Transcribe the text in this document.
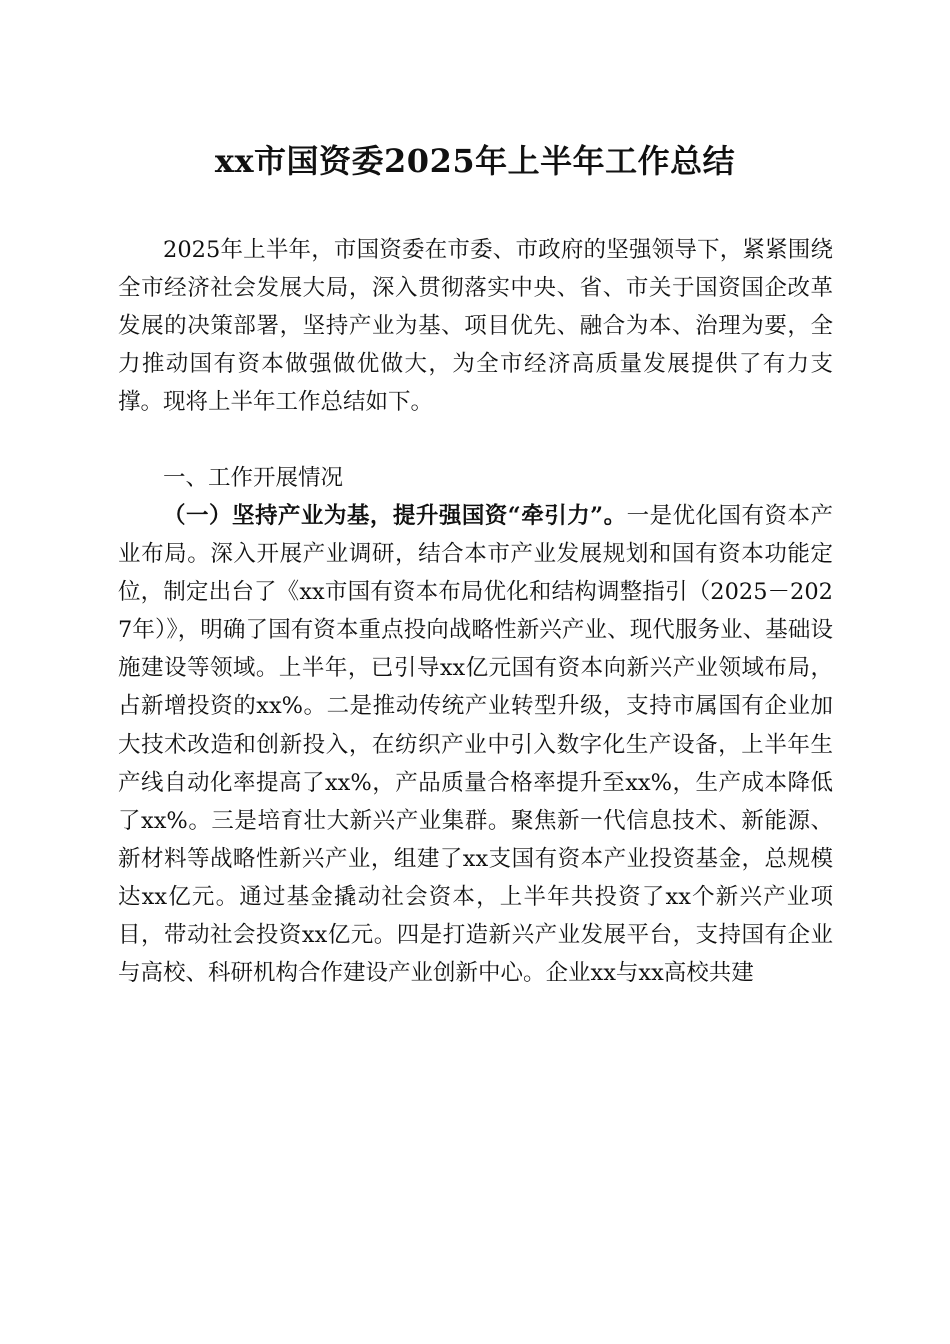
xx市国资委2025年上半年工作总结

2025年上半年，市国资委在市委、市政府的坚强领导下，紧紧围绕全市经济社会发展大局，深入贯彻落实中央、省、市关于国资国企改革发展的决策部署，坚持产业为基、项目优先、融合为本、治理为要，全力推动国有资本做强做优做大，为全市经济高质量发展提供了有力支撑。现将上半年工作总结如下。

一、工作开展情况

（一）坚持产业为基，提升强国资“牵引力”。一是优化国有资本产业布局。深入开展产业调研，结合本市产业发展规划和国有资本功能定位，制定出台了《xx市国有资本布局优化和结构调整指引（2025－2027年）》，明确了国有资本重点投向战略性新兴产业、现代服务业、基础设施建设等领域。上半年，已引导xx亿元国有资本向新兴产业领域布局，占新增投资的xx%。二是推动传统产业转型升级，支持市属国有企业加大技术改造和创新投入，在纺织产业中引入数字化生产设备，上半年生产线自动化率提高了xx%，产品质量合格率提升至xx%，生产成本降低了xx%。三是培育壮大新兴产业集群。聚焦新一代信息技术、新能源、新材料等战略性新兴产业，组建了xx支国有资本产业投资基金，总规模达xx亿元。通过基金撬动社会资本，上半年共投资了xx个新兴产业项目，带动社会投资xx亿元。四是打造新兴产业发展平台，支持国有企业与高校、科研机构合作建设产业创新中心。企业xx与xx高校共建
